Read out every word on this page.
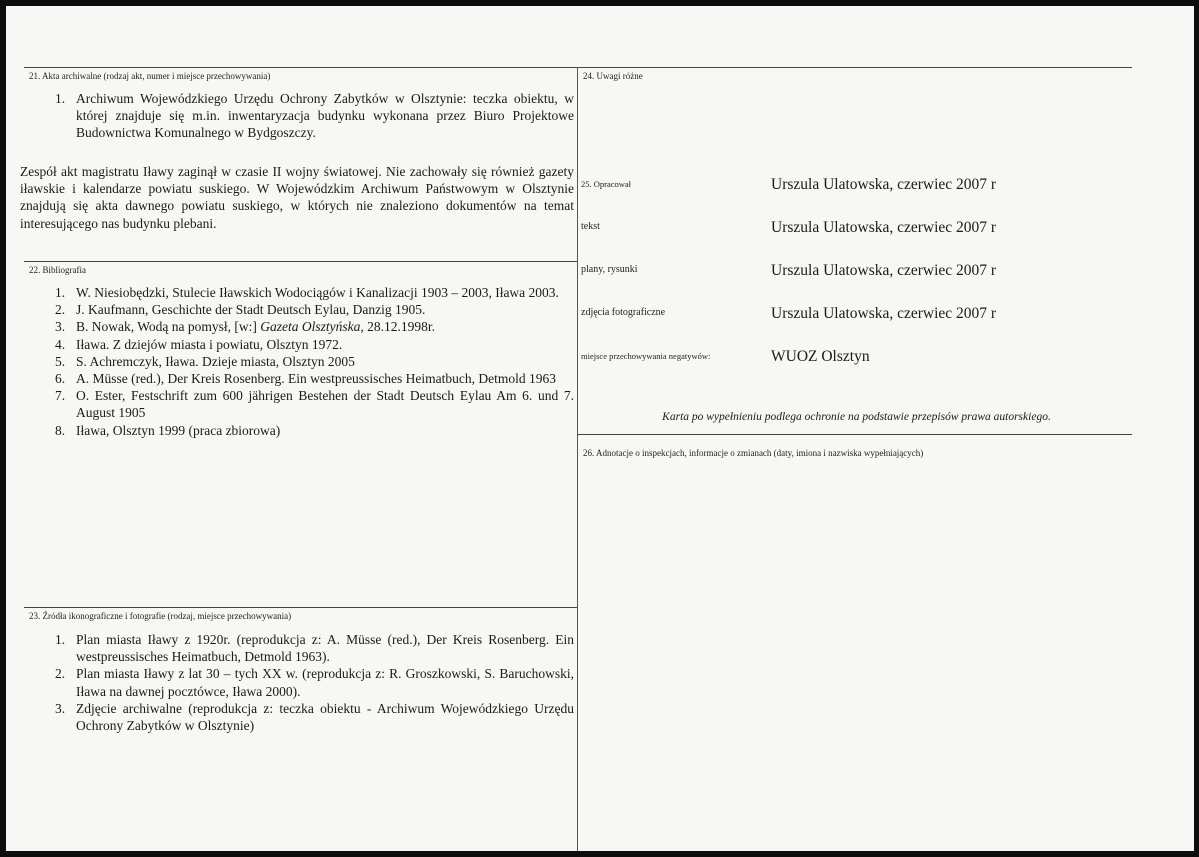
21. Akta archiwalne (rodzaj akt, numer i miejsce przechowywania)
1. Archiwum Wojewódzkiego Urzędu Ochrony Zabytków w Olsztynie: teczka obiektu, w której znajduje się m.in. inwentaryzacja budynku wykonana przez Biuro Projektowe Budownictwa Komunalnego w Bydgoszczy.
Zespół akt magistratu Iławy zaginął w czasie II wojny światowej. Nie zachowały się również gazety iławskie i kalendarze powiatu suskiego. W Wojewódzkim Archiwum Państwowym w Olsztynie znajdują się akta dawnego powiatu suskiego, w których nie znaleziono dokumentów na temat interesującego nas budynku plebani.
22. Bibliografia
1. W. Niesiobędzki, Stulecie Iławskich Wodociągów i Kanalizacji 1903 – 2003, Iława 2003.
2. J. Kaufmann, Geschichte der Stadt Deutsch Eylau, Danzig 1905.
3. B. Nowak, Wodą na pomysł, [w:] Gazeta Olsztyńska, 28.12.1998r.
4. Iława. Z dziejów miasta i powiatu, Olsztyn 1972.
5. S. Achremczyk, Iława. Dzieje miasta, Olsztyn 2005
6. A. Müsse (red.), Der Kreis Rosenberg. Ein westpreussisches Heimatbuch, Detmold 1963
7. O. Ester, Festschrift zum 600 jährigen Bestehen der Stadt Deutsch Eylau Am 6. und 7. August 1905
8. Iława, Olsztyn 1999 (praca zbiorowa)
23. Źródła ikonograficzne i fotografie (rodzaj, miejsce przechowywania)
1. Plan miasta Iławy z 1920r. (reprodukcja z: A. Müsse (red.), Der Kreis Rosenberg. Ein westpreussisches Heimatbuch, Detmold 1963).
2. Plan miasta Iławy z lat 30 – tych XX w. (reprodukcja z: R. Groszkowski, S. Baruchowski, Iława na dawnej pocztówce, Iława 2000).
3. Zdjęcie archiwalne (reprodukcja z: teczka obiektu - Archiwum Wojewódzkiego Urzędu Ochrony Zabytków w Olsztynie)
24. Uwagi różne
25. Opracował	Urszula Ulatowska, czerwiec 2007 r
tekst	Urszula Ulatowska, czerwiec 2007 r
plany, rysunki	Urszula Ulatowska, czerwiec 2007 r
zdjęcia fotograficzne	Urszula Ulatowska, czerwiec 2007 r
miejsce przechowywania negatywów:	WUOZ Olsztyn
Karta po wypełnieniu podlega ochronie na podstawie przepisów prawa autorskiego.
26. Adnotacje o inspekcjach, informacje o zmianach (daty, imiona i nazwiska wypełniających)
